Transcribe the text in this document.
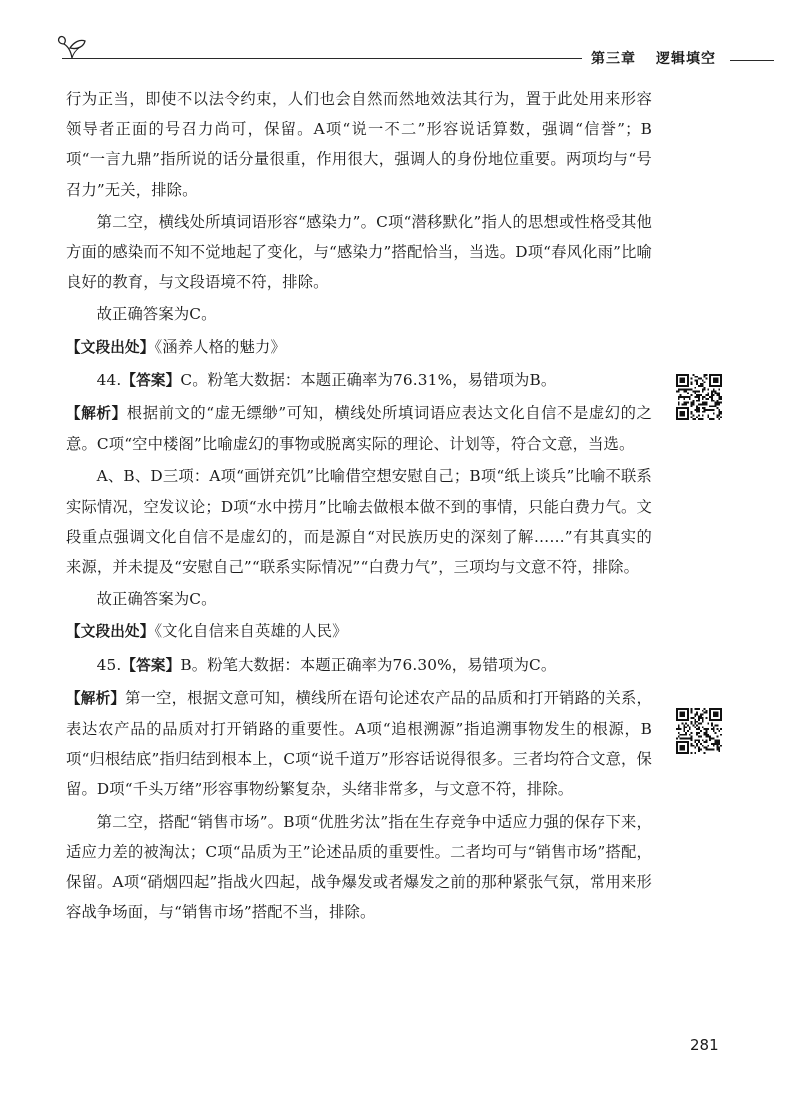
第三章 逻辑填空

行为正当，即使不以法令约束，人们也会自然而然地效法其行为，置于此处用来形容领导者正面的号召力尚可，保留。A项“说一不二”形容说话算数，强调“信誉”；B项“一言九鼎”指所说的话分量很重，作用很大，强调人的身份地位重要。两项均与“号召力”无关，排除。

第二空，横线处所填词语形容“感染力”。C项“潜移默化”指人的思想或性格受其他方面的感染而不知不觉地起了变化，与“感染力”搭配恰当，当选。D项“春风化雨”比喻良好的教育，与文段语境不符，排除。

故正确答案为C。

【文段出处】《涵养人格的魅力》

44.【答案】C。粉笔大数据：本题正确率为76.31%，易错项为B。

【解析】根据前文的“虚无缥缈”可知，横线处所填词语应表达文化自信不是虚幻的之意。C项“空中楼阁”比喻虚幻的事物或脱离实际的理论、计划等，符合文意，当选。

A、B、D三项：A项“画饼充饥”比喻借空想安慰自己；B项“纸上谈兵”比喻不联系实际情况，空发议论；D项“水中捞月”比喻去做根本做不到的事情，只能白费力气。文段重点强调文化自信不是虚幻的，而是源自“对民族历史的深刻了解……”有其真实的来源，并未提及“安慰自己”“联系实际情况”“白费力气”，三项均与文意不符，排除。

故正确答案为C。

【文段出处】《文化自信来自英雄的人民》

45.【答案】B。粉笔大数据：本题正确率为76.30%，易错项为C。

【解析】第一空，根据文意可知，横线所在语句论述农产品的品质和打开销路的关系，表达农产品的品质对打开销路的重要性。A项“追根溯源”指追溯事物发生的根源，B项“归根结底”指归结到根本上，C项“说千道万”形容话说得很多。三者均符合文意，保留。D项“千头万绪”形容事物纷繁复杂，头绪非常多，与文意不符，排除。

第二空，搭配“销售市场”。B项“优胜劣汰”指在生存竞争中适应力强的保存下来，适应力差的被淘汰；C项“品质为王”论述品质的重要性。二者均可与“销售市场”搭配，保留。A项“硝烟四起”指战火四起，战争爆发或者爆发之前的那种紧张气氛，常用来形容战争场面，与“销售市场”搭配不当，排除。

281
